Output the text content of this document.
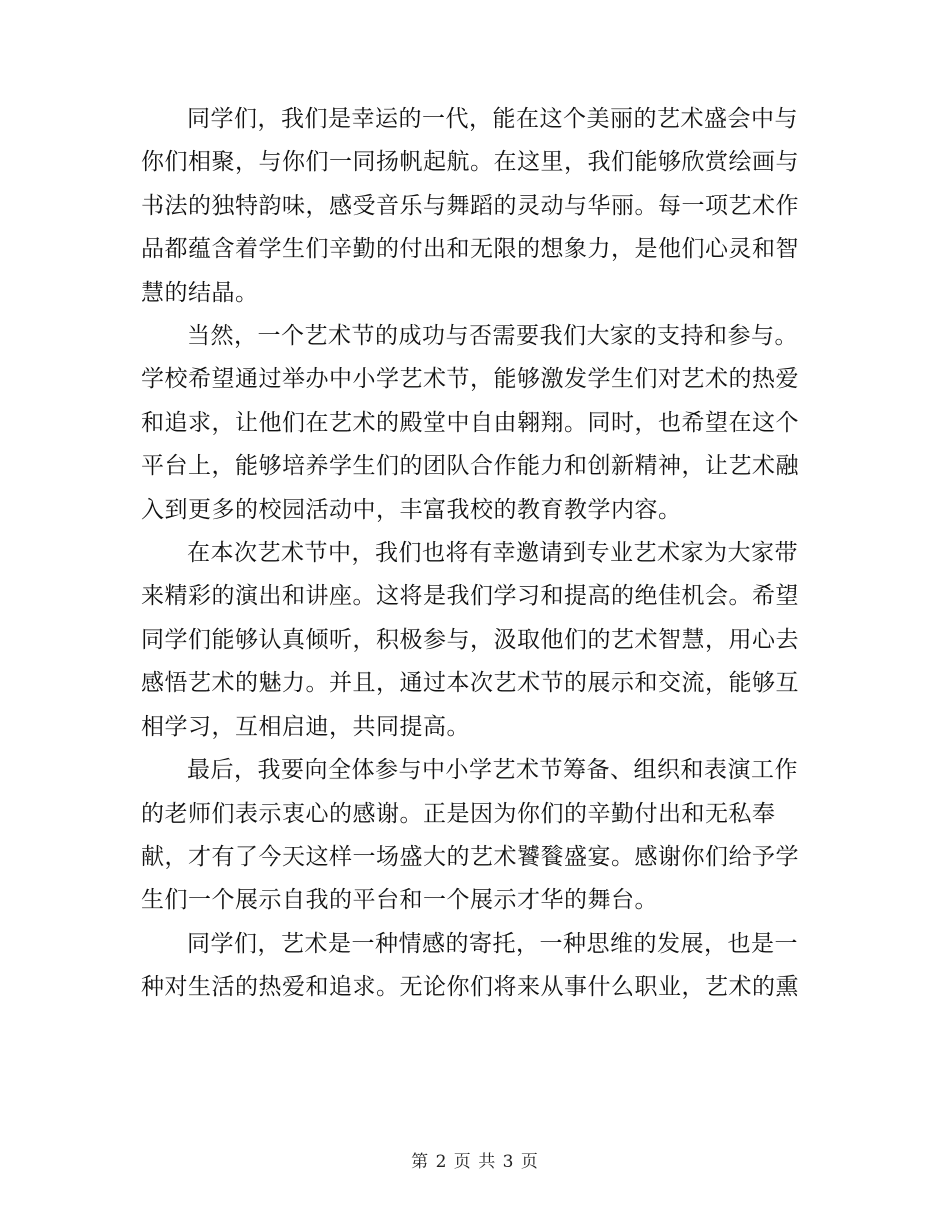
同学们，我们是幸运的一代，能在这个美丽的艺术盛会中与
你们相聚，与你们一同扬帆起航。在这里，我们能够欣赏绘画与
书法的独特韵味，感受音乐与舞蹈的灵动与华丽。每一项艺术作
品都蕴含着学生们辛勤的付出和无限的想象力，是他们心灵和智
慧的结晶。

当然，一个艺术节的成功与否需要我们大家的支持和参与。
学校希望通过举办中小学艺术节，能够激发学生们对艺术的热爱
和追求，让他们在艺术的殿堂中自由翱翔。同时，也希望在这个
平台上，能够培养学生们的团队合作能力和创新精神，让艺术融
入到更多的校园活动中，丰富我校的教育教学内容。

在本次艺术节中，我们也将有幸邀请到专业艺术家为大家带
来精彩的演出和讲座。这将是我们学习和提高的绝佳机会。希望
同学们能够认真倾听，积极参与，汲取他们的艺术智慧，用心去
感悟艺术的魅力。并且，通过本次艺术节的展示和交流，能够互
相学习，互相启迪，共同提高。

最后，我要向全体参与中小学艺术节筹备、组织和表演工作
的老师们表示衷心的感谢。正是因为你们的辛勤付出和无私奉
献，才有了今天这样一场盛大的艺术饕餮盛宴。感谢你们给予学
生们一个展示自我的平台和一个展示才华的舞台。

同学们，艺术是一种情感的寄托，一种思维的发展，也是一
种对生活的热爱和追求。无论你们将来从事什么职业，艺术的熏

第 2 页 共 3 页
